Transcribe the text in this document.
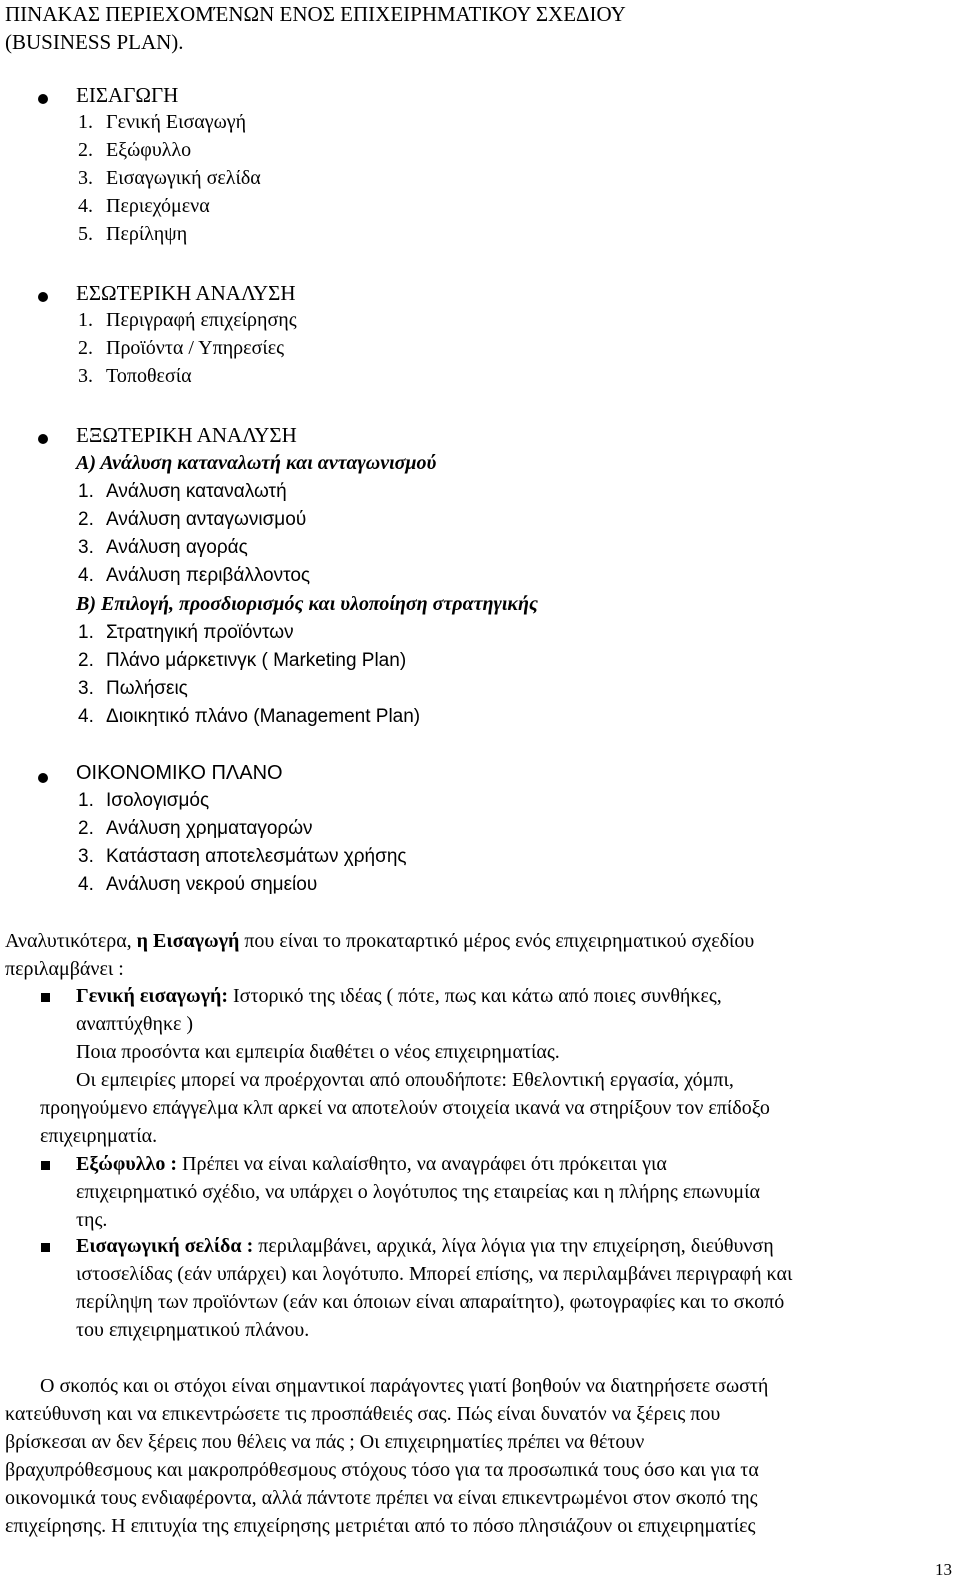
ΠΙΝΑΚΑΣ ΠΕΡΙΕΧΟΜΈΝΩΝ ΕΝΟΣ ΕΠΙΧΕΙΡΗΜΑΤΙΚΟΥ ΣΧΕΔΙΟΥ
(BUSINESS PLAN).
ΕΙΣΑΓΩΓΗ
1. Γενική Εισαγωγή
2. Εξώφυλλο
3. Εισαγωγική σελίδα
4. Περιεχόμενα
5. Περίληψη
ΕΣΩΤΕΡΙΚΗ ΑΝΑΛΥΣΗ
1. Περιγραφή επιχείρησης
2. Προϊόντα / Υπηρεσίες
3. Τοποθεσία
ΕΞΩΤΕΡΙΚΗ ΑΝΑΛΥΣΗ
Α) Ανάλυση καταναλωτή και ανταγωνισμού
1. Ανάλυση καταναλωτή
2. Ανάλυση ανταγωνισμού
3. Ανάλυση αγοράς
4. Ανάλυση περιβάλλοντος
Β) Επιλογή, προσδιορισμός και υλοποίηση στρατηγικής
1. Στρατηγική προϊόντων
2. Πλάνο μάρκετινγκ ( Marketing Plan)
3. Πωλήσεις
4. Διοικητικό πλάνο (Management Plan)
ΟΙΚΟΝΟΜΙΚΟ ΠΛΑΝΟ
1. Ισολογισμός
2. Ανάλυση χρηματαγορών
3. Κατάσταση αποτελεσμάτων χρήσης
4. Ανάλυση νεκρού σημείου
Αναλυτικότερα, η Εισαγωγή που είναι το προκαταρτικό μέρος ενός επιχειρηματικού σχεδίου
περιλαμβάνει :
Γενική εισαγωγή: Ιστορικό της ιδέας ( πότε, πως και κάτω από ποιες συνθήκες,
αναπτύχθηκε )
Ποια προσόντα και εμπειρία διαθέτει ο νέος επιχειρηματίας.
Οι εμπειρίες μπορεί να προέρχονται από οπουδήποτε: Εθελοντική εργασία, χόμπι,
προηγούμενο επάγγελμα κλπ αρκεί να αποτελούν στοιχεία ικανά να στηρίξουν τον επίδοξο
επιχειρηματία.
Εξώφυλλο : Πρέπει να είναι καλαίσθητο, να αναγράφει ότι πρόκειται για
επιχειρηματικό σχέδιο, να υπάρχει ο λογότυπος της εταιρείας και η πλήρης επωνυμία
της.
Εισαγωγική σελίδα : περιλαμβάνει, αρχικά, λίγα λόγια για την επιχείρηση, διεύθυνση
ιστοσελίδας (εάν υπάρχει) και λογότυπο. Μπορεί επίσης, να περιλαμβάνει περιγραφή και
περίληψη των προϊόντων (εάν και όποιων είναι απαραίτητο), φωτογραφίες και το σκοπό
του επιχειρηματικού πλάνου.
Ο σκοπός και οι στόχοι είναι σημαντικοί παράγοντες γιατί βοηθούν να διατηρήσετε σωστή
κατεύθυνση και να επικεντρώσετε τις προσπάθειές σας. Πώς είναι δυνατόν να ξέρεις που
βρίσκεσαι αν δεν ξέρεις που θέλεις να πάς ; Οι επιχειρηματίες πρέπει να θέτουν
βραχυπρόθεσμους και μακροπρόθεσμους στόχους τόσο για τα προσωπικά τους όσο και για τα
οικονομικά τους ενδιαφέροντα, αλλά πάντοτε πρέπει να είναι επικεντρωμένοι στον σκοπό της
επιχείρησης. Η επιτυχία της επιχείρησης μετριέται από το πόσο πλησιάζουν οι επιχειρηματίες
13
